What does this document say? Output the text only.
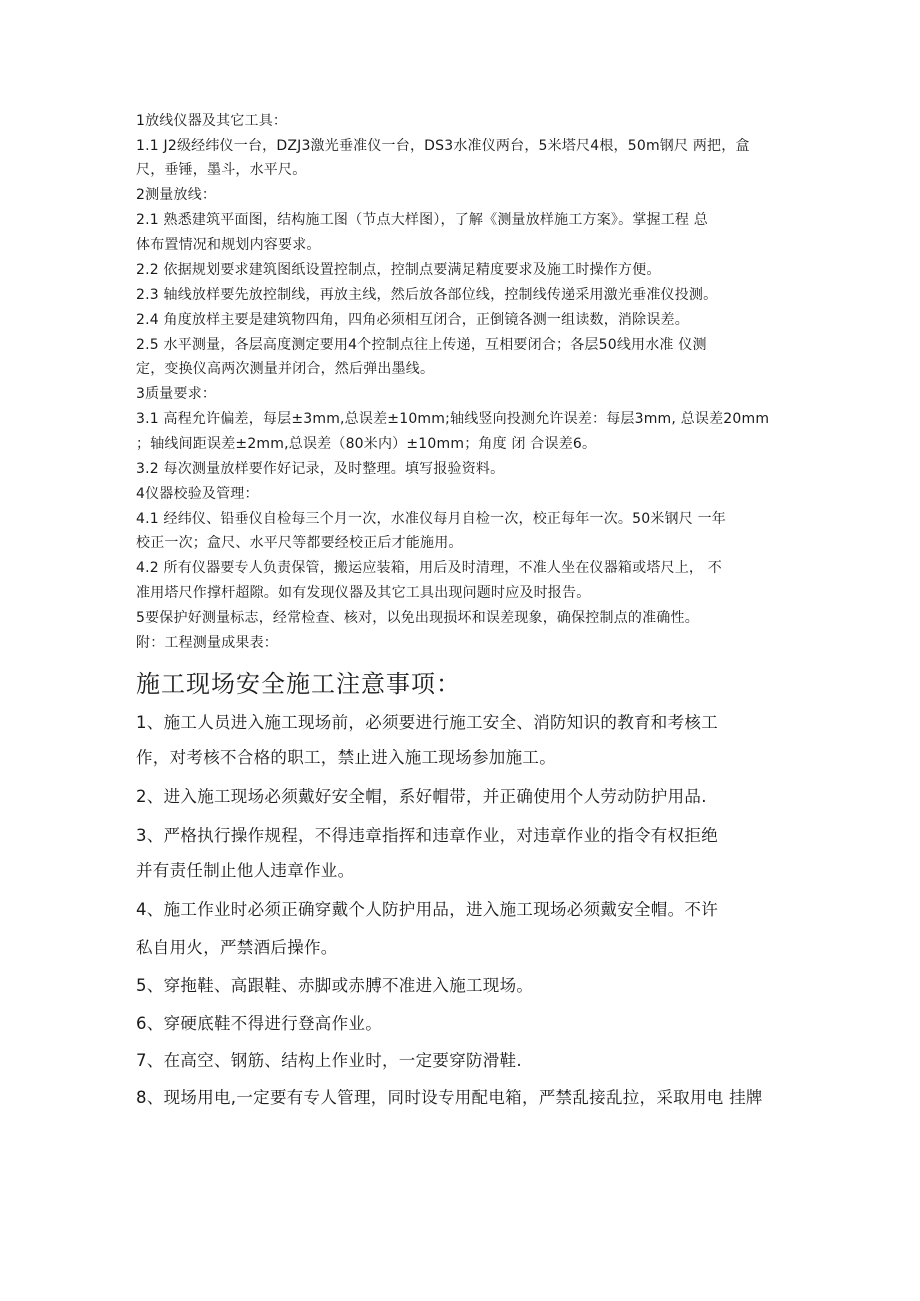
1放线仪器及其它工具：
1.1 J2级经纬仪一台，DZJ3激光垂准仪一台，DS3水准仪两台，5米塔尺4根，50m钢尺 两把，盒
尺，垂锤，墨斗，水平尺。
2测量放线：
2.1 熟悉建筑平面图，结构施工图（节点大样图），了解《测量放样施工方案》。掌握工程 总
体布置情况和规划内容要求。
2.2 依据规划要求建筑图纸设置控制点，控制点要满足精度要求及施工时操作方便。
2.3 轴线放样要先放控制线，再放主线，然后放各部位线，控制线传递采用激光垂准仪投测。
2.4 角度放样主要是建筑物四角，四角必须相互闭合，正倒镜各测一组读数，消除误差。
2.5 水平测量，各层高度测定要用4个控制点往上传递，互相要闭合；各层50线用水准 仪测
定，变换仪高两次测量并闭合，然后弹出墨线。
3质量要求：
3.1 高程允许偏差，每层±3mm,总误差±10mm;轴线竖向投测允许误差：每层3mm, 总误差20mm
；轴线间距误差±2mm,总误差（80米内）±10mm；角度 闭 合误差6。
3.2 每次测量放样要作好记录，及时整理。填写报验资料。
4仪器校验及管理：
4.1 经纬仪、铅垂仪自检每三个月一次，水准仪每月自检一次，校正每年一次。50米钢尺 一年
校正一次；盒尺、水平尺等都要经校正后才能施用。
4.2 所有仪器要专人负责保管，搬运应装箱，用后及时清理，不准人坐在仪器箱或塔尺上， 不
准用塔尺作撑杆超隙。如有发现仪器及其它工具出现问题时应及时报告。
5要保护好测量标志，经常检查、核对，以免出现损坏和误差现象，确保控制点的准确性。
附：工程测量成果表：
施工现场安全施工注意事项：
1、施工人员进入施工现场前，必须要进行施工安全、消防知识的教育和考核工
作，对考核不合格的职工，禁止进入施工现场参加施工。
2、进入施工现场必须戴好安全帽，系好帽带，并正确使用个人劳动防护用品.
3、严格执行操作规程，不得违章指挥和违章作业，对违章作业的指令有权拒绝
并有责任制止他人违章作业。
4、施工作业时必须正确穿戴个人防护用品，进入施工现场必须戴安全帽。不许
私自用火，严禁酒后操作。
5、穿拖鞋、高跟鞋、赤脚或赤膊不准进入施工现场。
6、穿硬底鞋不得进行登高作业。
7、在高空、钢筋、结构上作业时，一定要穿防滑鞋.
8、现场用电,一定要有专人管理，同时设专用配电箱，严禁乱接乱拉，采取用电 挂牌
